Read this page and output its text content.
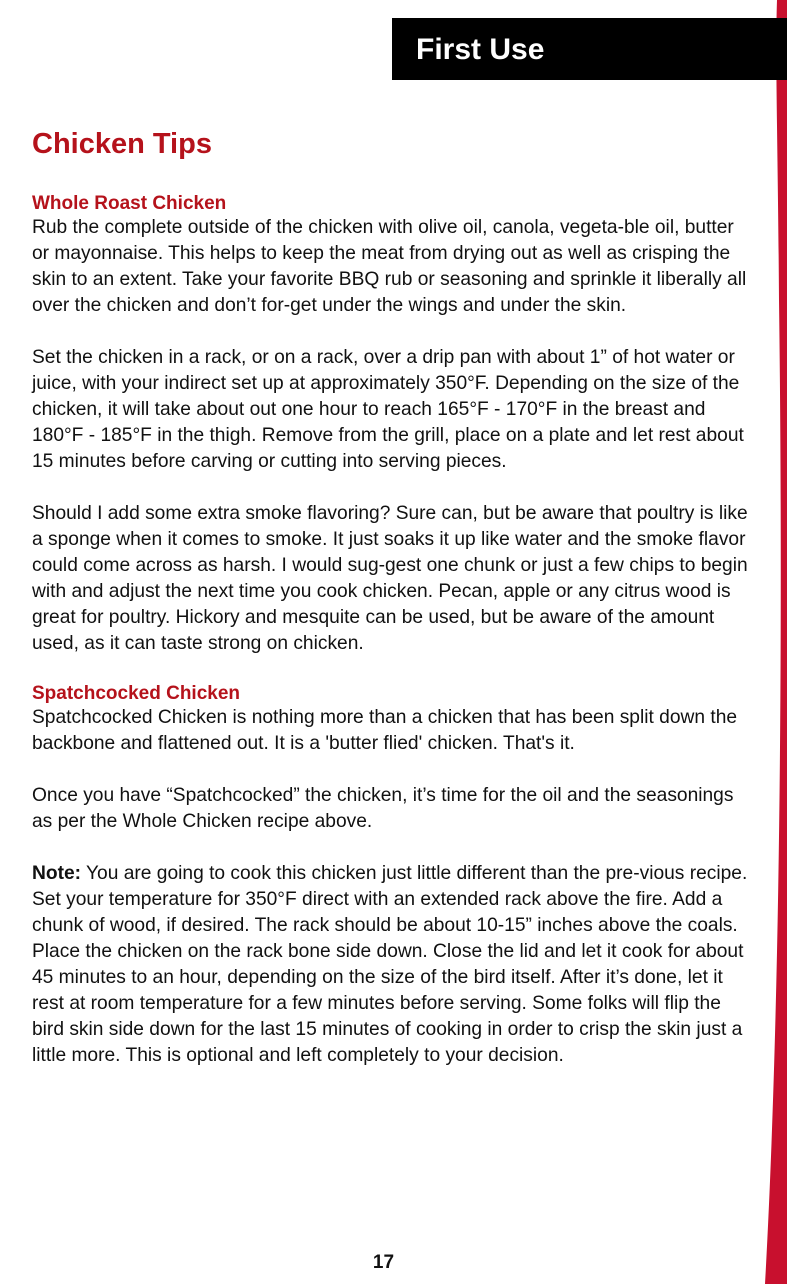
First Use
Chicken Tips
Whole Roast Chicken

Rub the complete outside of the chicken with olive oil, canola, vegeta-ble oil, butter or mayonnaise. This helps to keep the meat from drying out as well as crisping the skin to an extent. Take your favorite BBQ rub or seasoning and sprinkle it liberally all over the chicken and don’t for-get under the wings and under the skin.

Set the chicken in a rack, or on a rack, over a drip pan with about 1” of hot water or juice, with your indirect set up at approximately 350°F. Depending on the size of the chicken, it will take about out one hour to reach 165°F - 170°F in the breast and 180°F - 185°F in the thigh. Remove from the grill, place on a plate and let rest about 15 minutes before carving or cutting into serving pieces.

Should I add some extra smoke flavoring? Sure can, but be aware that poultry is like a sponge when it comes to smoke. It just soaks it up like water and the smoke flavor could come across as harsh. I would sug-gest one chunk or just a few chips to begin with and adjust the next time you cook chicken. Pecan, apple or any citrus wood is great for poultry. Hickory and mesquite can be used, but be aware of the amount used, as it can taste strong on chicken.

Spatchcocked Chicken

Spatchcocked Chicken is nothing more than a chicken that has been split down the backbone and flattened out. It is a 'butter flied' chicken. That's it.

Once you have “Spatchcocked” the chicken, it’s time for the oil and the seasonings as per the Whole Chicken recipe above.

Note: You are going to cook this chicken just little different than the pre-vious recipe. Set your temperature for 350°F direct with an extended rack above the fire. Add a chunk of wood, if desired. The rack should be about 10-15” inches above the coals. Place the chicken on the rack bone side down. Close the lid and let it cook for about 45 minutes to an hour, depending on the size of the bird itself. After it’s done, let it rest at room temperature for a few minutes before serving. Some folks will flip the bird skin side down for the last 15 minutes of cooking in order to crisp the skin just a little more. This is optional and left completely to your decision.

17
